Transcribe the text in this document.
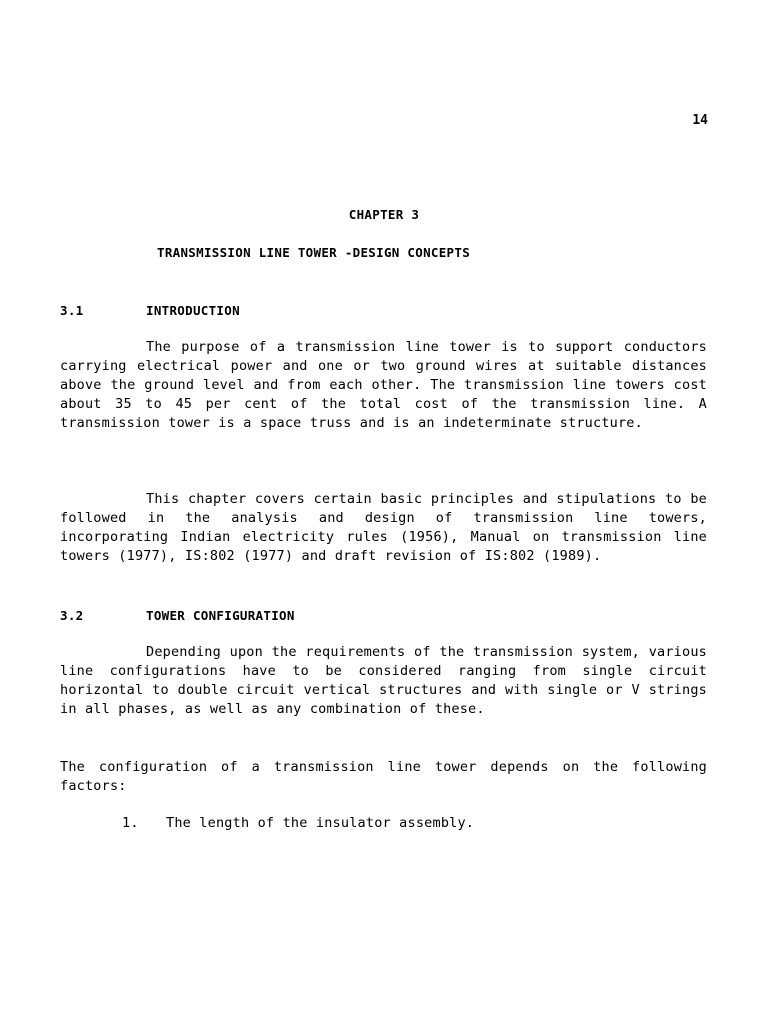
14
CHAPTER 3
TRANSMISSION LINE TOWER -DESIGN CONCEPTS
3.1	INTRODUCTION
The purpose of a transmission line tower is to support conductors carrying electrical power and one or two ground wires at suitable distances above the ground level and from each other. The transmission line towers cost about 35 to 45 per cent of the total cost of the transmission line. A transmission tower is a space truss and is an indeterminate structure.
This chapter covers certain basic principles and stipulations to be followed in the analysis and design of transmission line towers, incorporating Indian electricity rules (1956), Manual on transmission line towers (1977), IS:802 (1977) and draft revision of IS:802 (1989).
3.2	TOWER CONFIGURATION
Depending upon the requirements of the transmission system, various line configurations have to be considered ranging from single circuit horizontal to double circuit vertical structures and with single or V strings in all phases, as well as any combination of these.
The configuration of a transmission line tower depends on the following factors:
1. The length of the insulator assembly.
